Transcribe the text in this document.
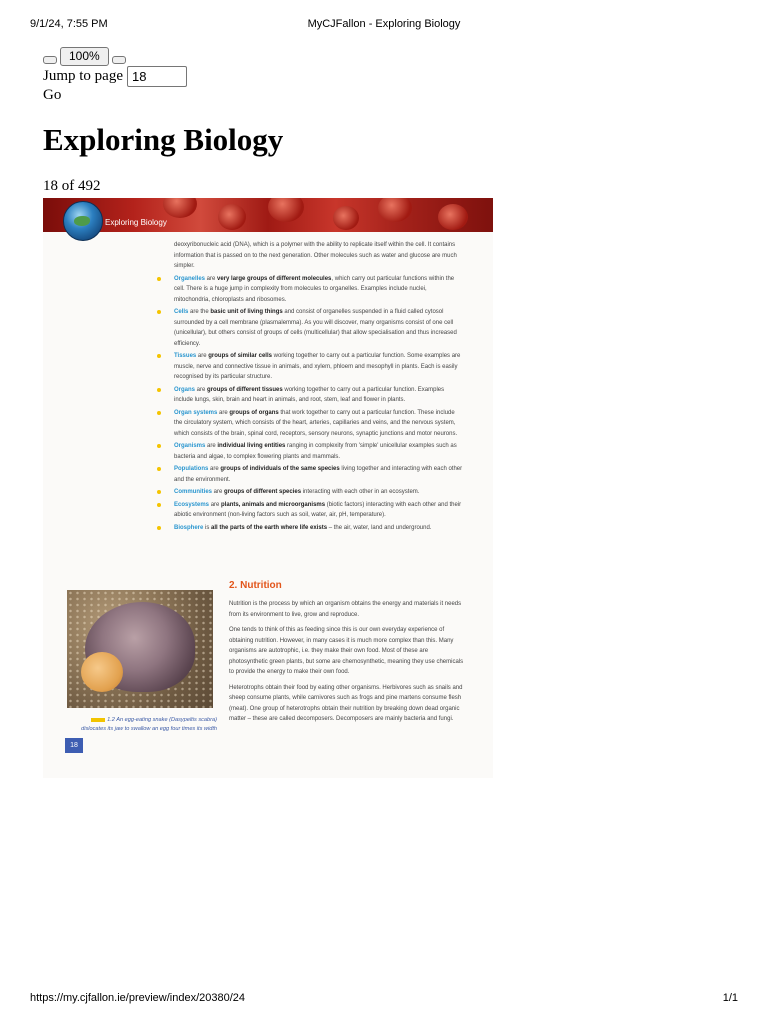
9/1/24, 7:55 PM	MyCJFallon - Exploring Biology
100%
Jump to page 18
Go
Exploring Biology
18 of 492
Exploring Biology
deoxyribonucleic acid (DNA), which is a polymer with the ability to replicate itself within the cell. It contains information that is passed on to the next generation. Other molecules such as water and glucose are much simpler.
Organelles are very large groups of different molecules, which carry out particular functions within the cell. There is a huge jump in complexity from molecules to organelles. Examples include nuclei, mitochondria, chloroplasts and ribosomes.
Cells are the basic unit of living things and consist of organelles suspended in a fluid called cytosol surrounded by a cell membrane (plasmalemma). As you will discover, many organisms consist of one cell (unicellular), but others consist of groups of cells (multicellular) that allow specialisation and thus increased efficiency.
Tissues are groups of similar cells working together to carry out a particular function. Some examples are muscle, nerve and connective tissue in animals, and xylem, phloem and mesophyll in plants. Each is easily recognised by its particular structure.
Organs are groups of different tissues working together to carry out a particular function. Examples include lungs, skin, brain and heart in animals, and root, stem, leaf and flower in plants.
Organ systems are groups of organs that work together to carry out a particular function. These include the circulatory system, which consists of the heart, arteries, capillaries and veins, and the nervous system, which consists of the brain, spinal cord, receptors, sensory neurons, synaptic junctions and motor neurons.
Organisms are individual living entities ranging in complexity from 'simple' unicellular examples such as bacteria and algae, to complex flowering plants and mammals.
Populations are groups of individuals of the same species living together and interacting with each other and the environment.
Communities are groups of different species interacting with each other in an ecosystem.
Ecosystems are plants, animals and microorganisms (biotic factors) interacting with each other and their abiotic environment (non-living factors such as soil, water, air, pH, temperature).
Biosphere is all the parts of the earth where life exists – the air, water, land and underground.
1.2 An egg-eating snake (Dasypeltis scabra) dislocates its jaw to swallow an egg four times its width
2. Nutrition

Nutrition is the process by which an organism obtains the energy and materials it needs from its environment to live, grow and reproduce.

One tends to think of this as feeding since this is our own everyday experience of obtaining nutrition. However, in many cases it is much more complex than this. Many organisms are autotrophic, i.e. they make their own food. Most of these are photosynthetic green plants, but some are chemosynthetic, meaning they use chemicals to provide the energy to make their own food.

Heterotrophs obtain their food by eating other organisms. Herbivores such as snails and sheep consume plants, while carnivores such as frogs and pine martens consume flesh (meat). One group of heterotrophs obtain their nutrition by breaking down dead organic matter – these are called decomposers. Decomposers are mainly bacteria and fungi.

18
https://my.cjfallon.ie/preview/index/20380/24	1/1
